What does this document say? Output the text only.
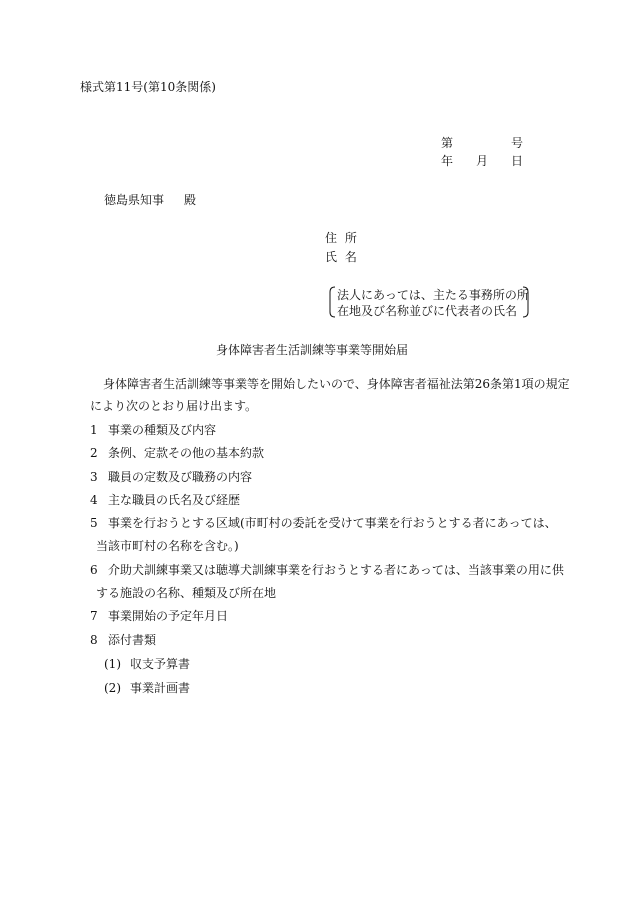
様式第11号(第10条関係)
第	号
年 月 日
徳島県知事 殿
住 所
氏 名
法人にあっては、主たる事務所の所
在地及び名称並びに代表者の氏名
身体障害者生活訓練等事業等開始届
身体障害者生活訓練等事業等を開始したいので、身体障害者福祉法第26条第1項の規定
により次のとおり届け出ます。
1 事業の種類及び内容
2 条例、定款その他の基本約款
3 職員の定数及び職務の内容
4 主な職員の氏名及び経歴
5 事業を行おうとする区域(市町村の委託を受けて事業を行おうとする者にあっては、
当該市町村の名称を含む。)
6 介助犬訓練事業又は聴導犬訓練事業を行おうとする者にあっては、当該事業の用に供
する施設の名称、種類及び所在地
7 事業開始の予定年月日
8 添付書類
(1) 収支予算書
(2) 事業計画書
